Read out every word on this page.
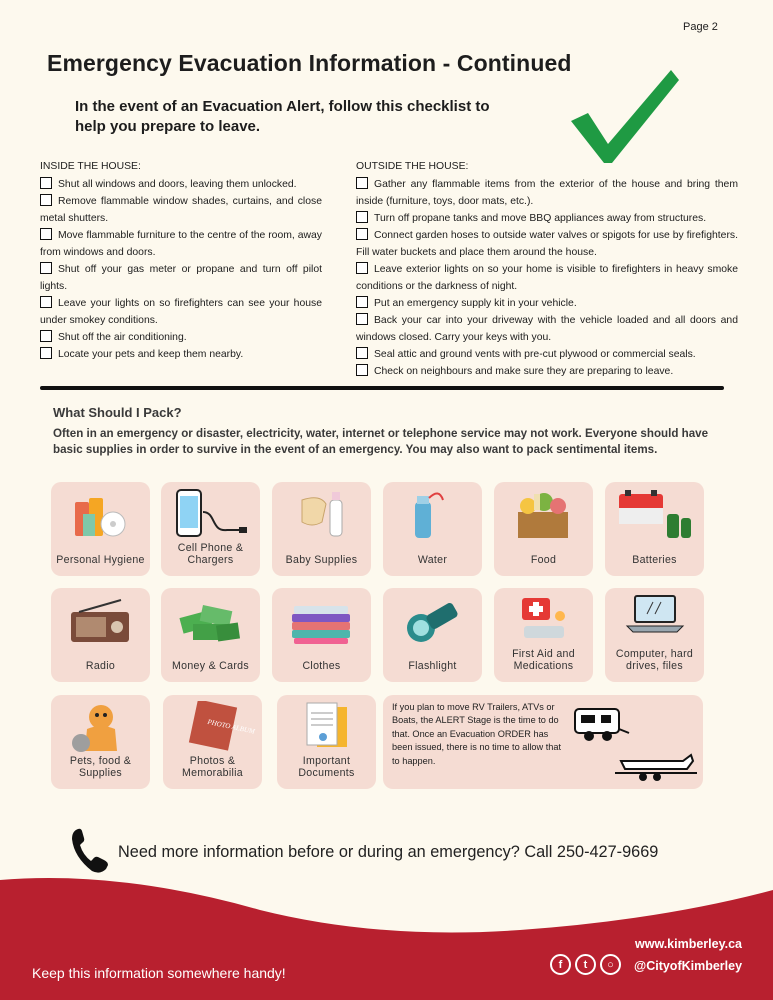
Page 2
Emergency Evacuation Information - Continued

In the event of an Evacuation Alert, follow this checklist to help you prepare to leave.

INSIDE THE HOUSE:
Shut all windows and doors, leaving them unlocked.
Remove flammable window shades, curtains, and close metal shutters.
Move flammable furniture to the centre of the room, away from windows and doors.
Shut off your gas meter or propane and turn off pilot lights.
Leave your lights on so firefighters can see your house under smokey conditions.
Shut off the air conditioning.
Locate your pets and keep them nearby.
OUTSIDE THE HOUSE:
Gather any flammable items from the exterior of the house and bring them inside (furniture, toys, door mats, etc.).
Turn off propane tanks and move BBQ appliances away from structures.
Connect garden hoses to outside water valves or spigots for use by firefighters. Fill water buckets and place them around the house.
Leave exterior lights on so your home is visible to firefighters in heavy smoke conditions or the darkness of night.
Put an emergency supply kit in your vehicle.
Back your car into your driveway with the vehicle loaded and all doors and windows closed. Carry your keys with you.
Seal attic and ground vents with pre-cut plywood or commercial seals.
Check on neighbours and make sure they are preparing to leave.
What Should I Pack?

Often in an emergency or disaster, electricity, water, internet or telephone service may not work. Everyone should have basic supplies in order to survive in the event of an emergency. You may also want to pack sentimental items.

Personal Hygiene
Cell Phone & Chargers	Baby Supplies	Water	Food	Batteries
Radio	Money & Cards	Clothes	Flashlight
First Aid and Medications
Computer, hard drives, files
Pets, food & Supplies
PHOTO ALBUM
Photos & Memorabilia
Important Documents

If you plan to move RV Trailers, ATVs or Boats, the ALERT Stage is the time to do that. Once an Evacuation ORDER has been issued, there is no time to allow that to happen.

Need more information before or during an emergency? Call 250-427-9669
Keep this information somewhere handy!
www.kimberley.ca
f	t	○	@CityofKimberley
